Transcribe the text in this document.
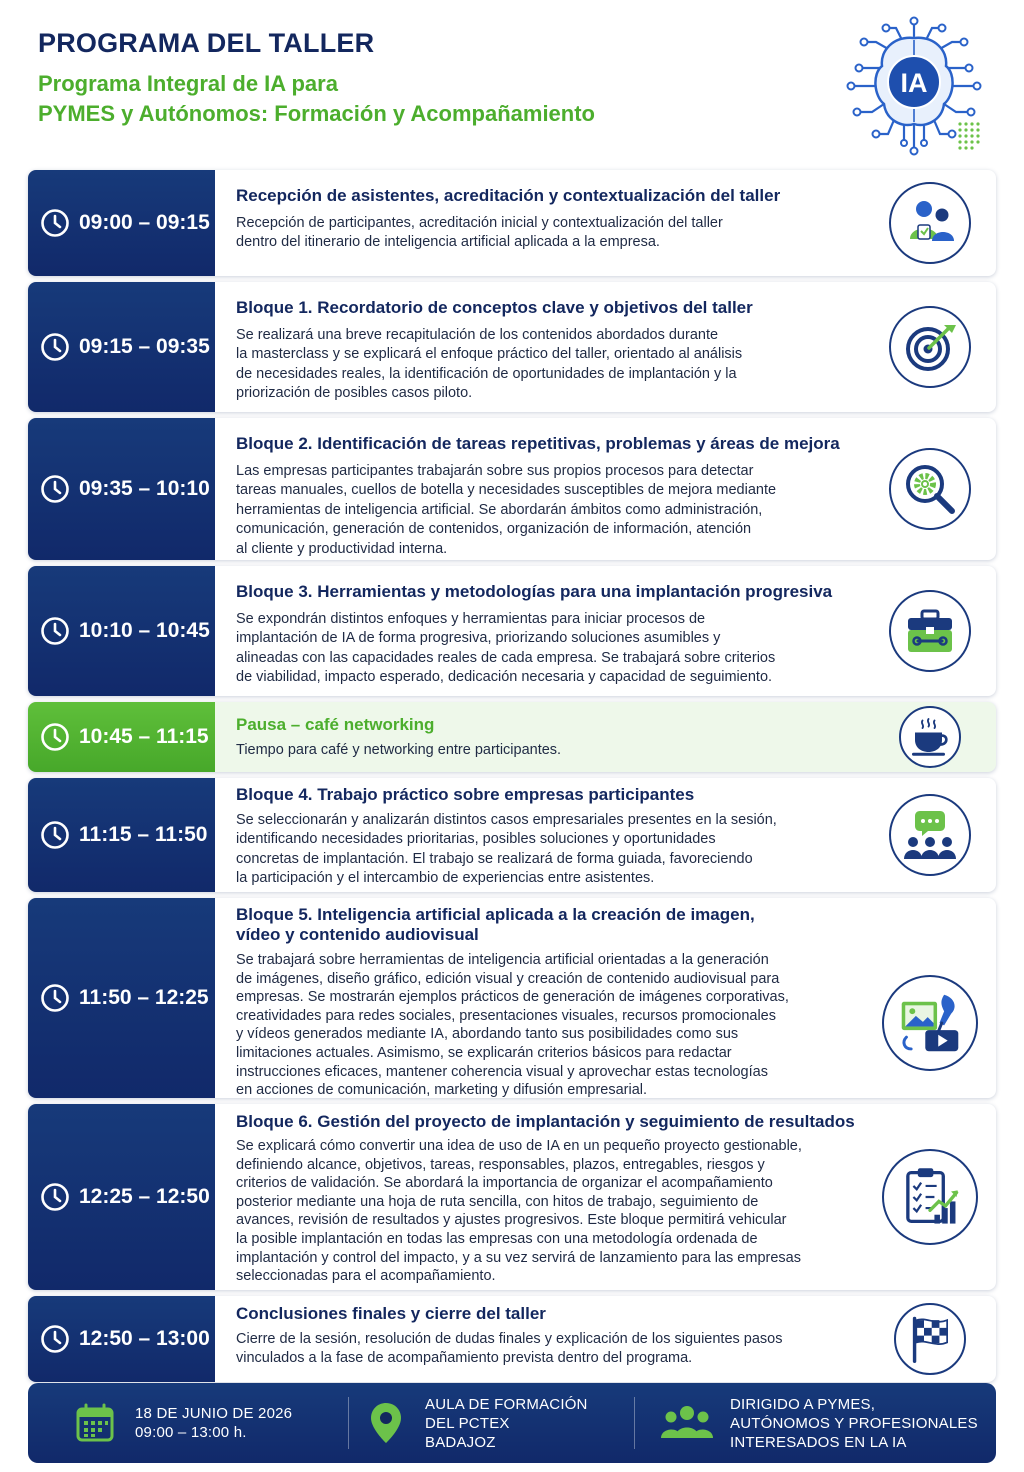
PROGRAMA DEL TALLER
Programa Integral de IA para
PYMES y Autónomos: Formación y Acompañamiento
IA
09:00 – 09:15
Recepción de asistentes, acreditación y contextualización del taller
Recepción de participantes, acreditación inicial y contextualización del taller
dentro del itinerario de inteligencia artificial aplicada a la empresa.
09:15 – 09:35
Bloque 1. Recordatorio de conceptos clave y objetivos del taller
Se realizará una breve recapitulación de los contenidos abordados durante
la masterclass y se explicará el enfoque práctico del taller, orientado al análisis
de necesidades reales, la identificación de oportunidades de implantación y la
priorización de posibles casos piloto.
09:35 – 10:10
Bloque 2. Identificación de tareas repetitivas, problemas y áreas de mejora
Las empresas participantes trabajarán sobre sus propios procesos para detectar
tareas manuales, cuellos de botella y necesidades susceptibles de mejora mediante
herramientas de inteligencia artificial. Se abordarán ámbitos como administración,
comunicación, generación de contenidos, organización de información, atención
al cliente y productividad interna.
10:10 – 10:45
Bloque 3. Herramientas y metodologías para una implantación progresiva
Se expondrán distintos enfoques y herramientas para iniciar procesos de
implantación de IA de forma progresiva, priorizando soluciones asumibles y
alineadas con las capacidades reales de cada empresa. Se trabajará sobre criterios
de viabilidad, impacto esperado, dedicación necesaria y capacidad de seguimiento.
10:45 – 11:15
Pausa – café networking
Tiempo para café y networking entre participantes.
11:15 – 11:50
Bloque 4. Trabajo práctico sobre empresas participantes
Se seleccionarán y analizarán distintos casos empresariales presentes en la sesión,
identificando necesidades prioritarias, posibles soluciones y oportunidades
concretas de implantación. El trabajo se realizará de forma guiada, favoreciendo
la participación y el intercambio de experiencias entre asistentes.
11:50 – 12:25
Bloque 5. Inteligencia artificial aplicada a la creación de imagen,
vídeo y contenido audiovisual
Se trabajará sobre herramientas de inteligencia artificial orientadas a la generación
de imágenes, diseño gráfico, edición visual y creación de contenido audiovisual para
empresas. Se mostrarán ejemplos prácticos de generación de imágenes corporativas,
creatividades para redes sociales, presentaciones visuales, recursos promocionales
y vídeos generados mediante IA, abordando tanto sus posibilidades como sus
limitaciones actuales. Asimismo, se explicarán criterios básicos para redactar
instrucciones eficaces, mantener coherencia visual y aprovechar estas tecnologías
en acciones de comunicación, marketing y difusión empresarial.
12:25 – 12:50
Bloque 6. Gestión del proyecto de implantación y seguimiento de resultados
Se explicará cómo convertir una idea de uso de IA en un pequeño proyecto gestionable,
definiendo alcance, objetivos, tareas, responsables, plazos, entregables, riesgos y
criterios de validación. Se abordará la importancia de organizar el acompañamiento
posterior mediante una hoja de ruta sencilla, con hitos de trabajo, seguimiento de
avances, revisión de resultados y ajustes progresivos. Este bloque permitirá vehicular
la posible implantación en todas las empresas con una metodología ordenada de
implantación y control del impacto, y a su vez servirá de lanzamiento para las empresas
seleccionadas para el acompañamiento.
12:50 – 13:00
Conclusiones finales y cierre del taller
Cierre de la sesión, resolución de dudas finales y explicación de los siguientes pasos
vinculados a la fase de acompañamiento prevista dentro del programa.
18 DE JUNIO DE 2026
09:00 – 13:00 h.
AULA DE FORMACIÓN
DEL PCTEX
BADAJOZ
DIRIGIDO A PYMES,
AUTÓNOMOS Y PROFESIONALES
INTERESADOS EN LA IA
